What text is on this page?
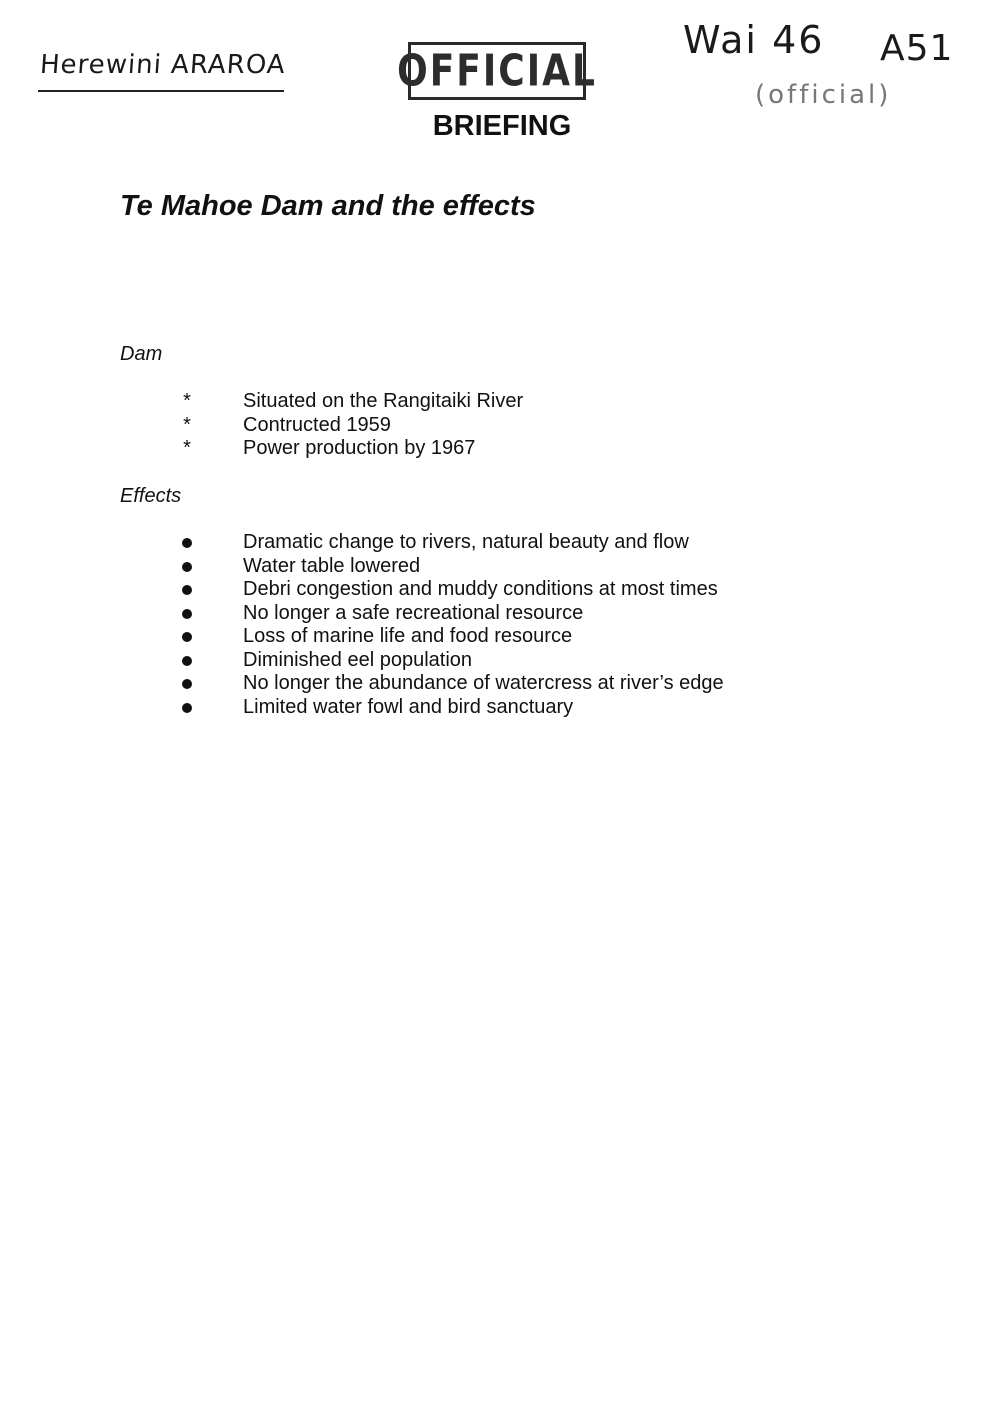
Herewini ARAROA	OFFICIAL
Wai 46 A51
(official)
BRIEFING
Te Mahoe Dam and the effects
Dam
*	Situated on the Rangitaiki River
*	Contructed 1959
*	Power production by 1967
Effects
Dramatic change to rivers, natural beauty and flow
Water table lowered
Debri congestion and muddy conditions at most times
No longer a safe recreational resource
Loss of marine life and food resource
Diminished eel population
No longer the abundance of watercress at river’s edge
Limited water fowl and bird sanctuary
